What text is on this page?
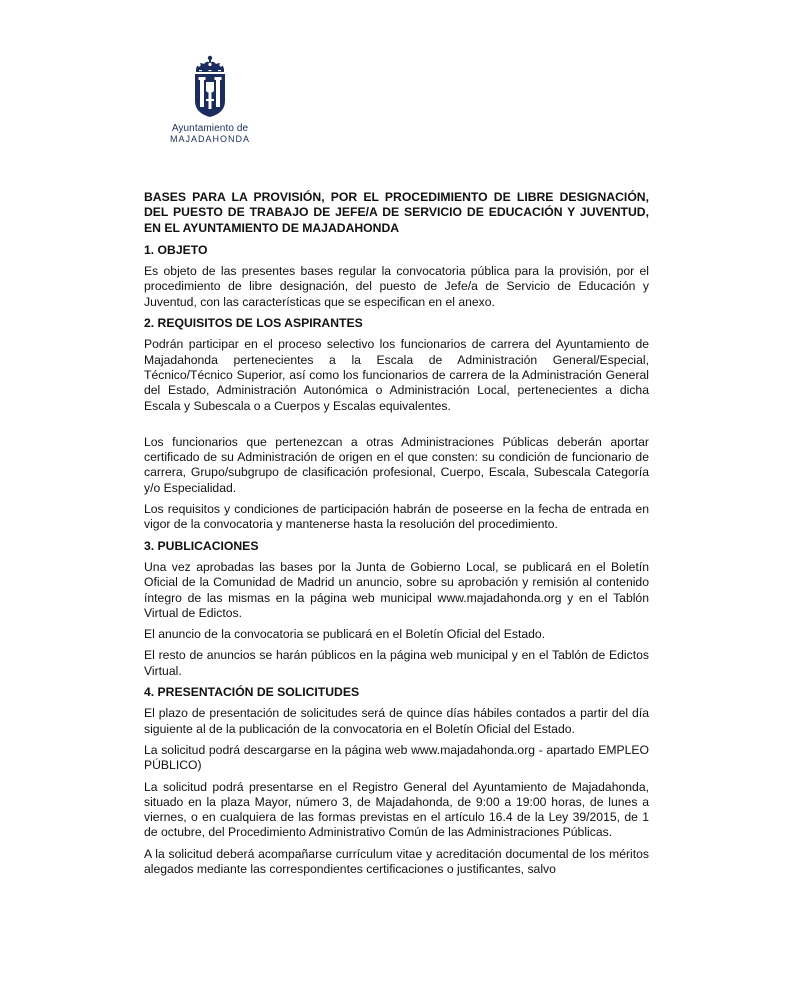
Ayuntamiento de
MAJADAHONDA
BASES PARA LA PROVISIÓN, POR EL PROCEDIMIENTO DE LIBRE DESIGNACIÓN, DEL PUESTO DE TRABAJO DE JEFE/A DE SERVICIO DE EDUCACIÓN Y JUVENTUD, EN EL AYUNTAMIENTO DE MAJADAHONDA
1. OBJETO

Es objeto de las presentes bases regular la convocatoria pública para la provisión, por el procedimiento de libre designación, del puesto de Jefe/a de Servicio de Educación y Juventud, con las características que se especifican en el anexo.

2. REQUISITOS DE LOS ASPIRANTES

Podrán participar en el proceso selectivo los funcionarios de carrera del Ayuntamiento de Majadahonda pertenecientes a la Escala de Administración General/Especial, Técnico/Técnico Superior, así como los funcionarios de carrera de la Administración General del Estado, Administración Autonómica o Administración Local, pertenecientes a dicha Escala y Subescala o a Cuerpos y Escalas equivalentes.

Los funcionarios que pertenezcan a otras Administraciones Públicas deberán aportar certificado de su Administración de origen en el que consten: su condición de funcionario de carrera, Grupo/subgrupo de clasificación profesional, Cuerpo, Escala, Subescala Categoría y/o Especialidad.

Los requisitos y condiciones de participación habrán de poseerse en la fecha de entrada en vigor de la convocatoria y mantenerse hasta la resolución del procedimiento.

3. PUBLICACIONES

Una vez aprobadas las bases por la Junta de Gobierno Local, se publicará en el Boletín Oficial de la Comunidad de Madrid un anuncio, sobre su aprobación y remisión al contenido íntegro de las mismas en la página web municipal www.majadahonda.org y en el Tablón Virtual de Edictos.

El anuncio de la convocatoria se publicará en el Boletín Oficial del Estado.

El resto de anuncios se harán públicos en la página web municipal y en el Tablón de Edictos Virtual.

4. PRESENTACIÓN DE SOLICITUDES

El plazo de presentación de solicitudes será de quince días hábiles contados a partir del día siguiente al de la publicación de la convocatoria en el Boletín Oficial del Estado.

La solicitud podrá descargarse en la página web www.majadahonda.org - apartado EMPLEO PÚBLICO)

La solicitud podrá presentarse en el Registro General del Ayuntamiento de Majadahonda, situado en la plaza Mayor, número 3, de Majadahonda, de 9:00 a 19:00 horas, de lunes a viernes, o en cualquiera de las formas previstas en el artículo 16.4 de la Ley 39/2015, de 1 de octubre, del Procedimiento Administrativo Común de las Administraciones Públicas.

A la solicitud deberá acompañarse currículum vitae y acreditación documental de los méritos alegados mediante las correspondientes certificaciones o justificantes, salvo
